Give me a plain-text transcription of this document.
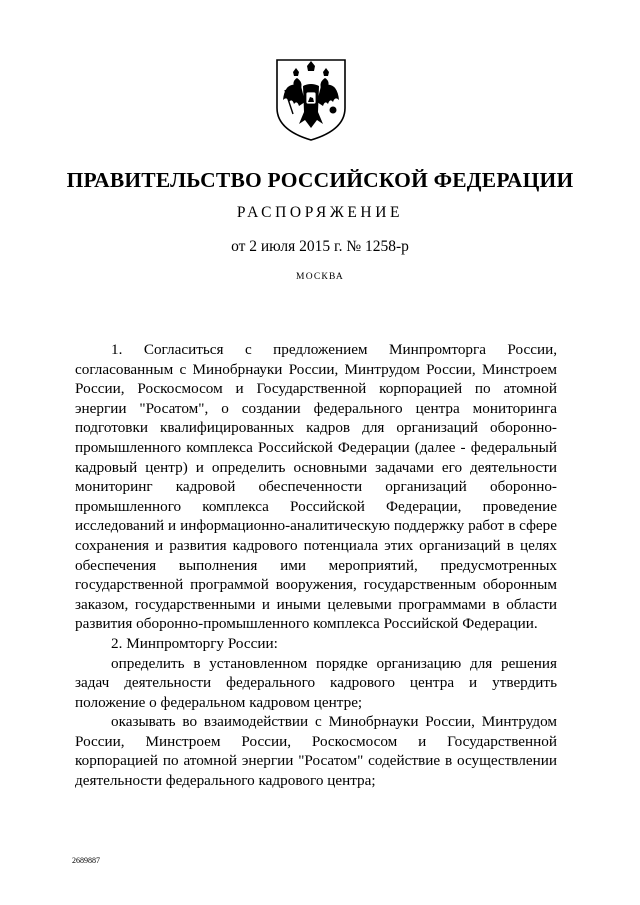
ПРАВИТЕЛЬСТВО РОССИЙСКОЙ ФЕДЕРАЦИИ
РАСПОРЯЖЕНИЕ
от 2 июля 2015 г. № 1258-р
МОСКВА

1. Согласиться с предложением Минпромторга России, согласованным с Минобрнауки России, Минтрудом России, Минстроем России, Роскосмосом и Государственной корпорацией по атомной энергии "Росатом", о создании федерального центра мониторинга подготовки квалифицированных кадров для организаций оборонно-промышленного комплекса Российской Федерации (далее - федеральный кадровый центр) и определить основными задачами его деятельности мониторинг кадровой обеспеченности организаций оборонно-промышленного комплекса Российской Федерации, проведение исследований и информационно-аналитическую поддержку работ в сфере сохранения и развития кадрового потенциала этих организаций в целях обеспечения выполнения ими мероприятий, предусмотренных государственной программой вооружения, государственным оборонным заказом, государственными и иными целевыми программами в области развития оборонно-промышленного комплекса Российской Федерации.

2. Минпромторгу России:

определить в установленном порядке организацию для решения задач деятельности федерального кадрового центра и утвердить положение о федеральном кадровом центре;

оказывать во взаимодействии с Минобрнауки России, Минтрудом России, Минстроем России, Роскосмосом и Государственной корпорацией по атомной энергии "Росатом" содействие в осуществлении деятельности федерального кадрового центра;

2689887
